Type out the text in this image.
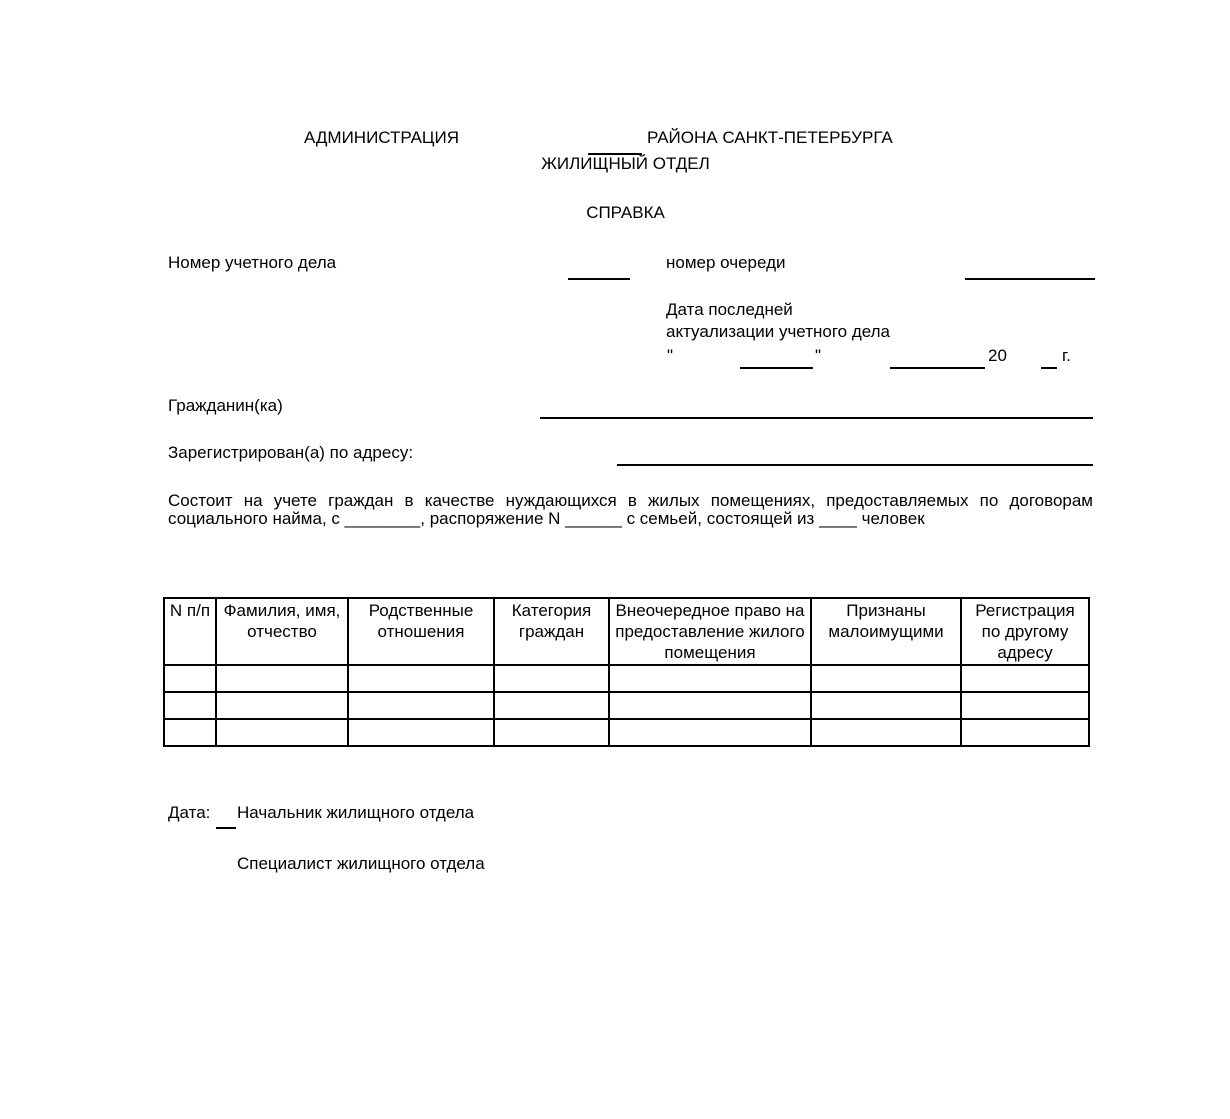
АДМИНИСТРАЦИЯ	РАЙОНА САНКТ-ПЕТЕРБУРГА
ЖИЛИЩНЫЙ ОТДЕЛ
СПРАВКА
Номер учетного дела	номер очереди
Дата последней
актуализации учетного дела
"	"	20	г.
Гражданин(ка)
Зарегистрирован(а) по адресу:
Состоит на учете граждан в качестве нуждающихся в жилых помещениях, предоставляемых по договорам
социального найма, с ________, распоряжение N ______ с семьей, состоящей из ____ человек
N п/п	Фамилия, имя, отчество	Родственные отношения	Категория граждан	Внеочередное право на предоставление жилого помещения	Признаны малоимущими	Регистрация по другому адресу

Дата: Начальник жилищного отдела
Специалист жилищного отдела
